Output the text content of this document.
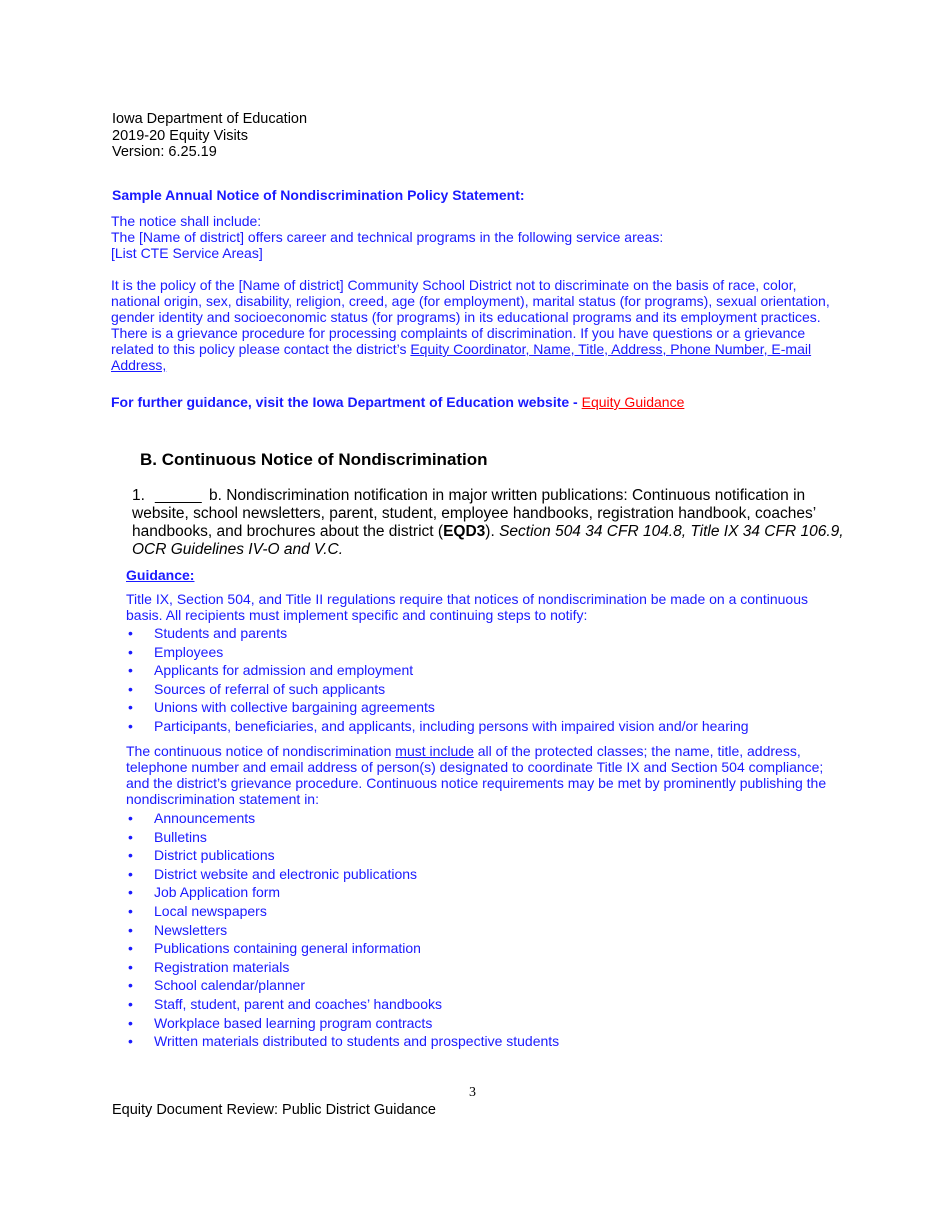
Iowa Department of Education
2019-20 Equity Visits
Version: 6.25.19
Sample Annual Notice of Nondiscrimination Policy Statement:
The notice shall include:
The [Name of district] offers career and technical programs in the following service areas:
[List CTE Service Areas]
It is the policy of the [Name of district] Community School District not to discriminate on the basis of race, color, national origin, sex, disability, religion, creed, age (for employment), marital status (for programs), sexual orientation, gender identity and socioeconomic status (for programs) in its educational programs and its employment practices. There is a grievance procedure for processing complaints of discrimination. If you have questions or a grievance related to this policy please contact the district’s Equity Coordinator, Name, Title, Address, Phone Number, E-mail Address,
For further guidance, visit the Iowa Department of Education website - Equity Guidance
B. Continuous Notice of Nondiscrimination
1. ______ b. Nondiscrimination notification in major written publications: Continuous notification in website, school newsletters, parent, student, employee handbooks, registration handbook, coaches’ handbooks, and brochures about the district (EQD3). Section 504 34 CFR 104.8, Title IX 34 CFR 106.9, OCR Guidelines IV-O and V.C.
Guidance:
Title IX, Section 504, and Title II regulations require that notices of nondiscrimination be made on a continuous basis. All recipients must implement specific and continuing steps to notify:
• Students and parents
• Employees
• Applicants for admission and employment
• Sources of referral of such applicants
• Unions with collective bargaining agreements
• Participants, beneficiaries, and applicants, including persons with impaired vision and/or hearing
The continuous notice of nondiscrimination must include all of the protected classes; the name, title, address, telephone number and email address of person(s) designated to coordinate Title IX and Section 504 compliance; and the district’s grievance procedure. Continuous notice requirements may be met by prominently publishing the nondiscrimination statement in:
• Announcements
• Bulletins
• District publications
• District website and electronic publications
• Job Application form
• Local newspapers
• Newsletters
• Publications containing general information
• Registration materials
• School calendar/planner
• Staff, student, parent and coaches’ handbooks
• Workplace based learning program contracts
• Written materials distributed to students and prospective students
3
Equity Document Review: Public District Guidance
